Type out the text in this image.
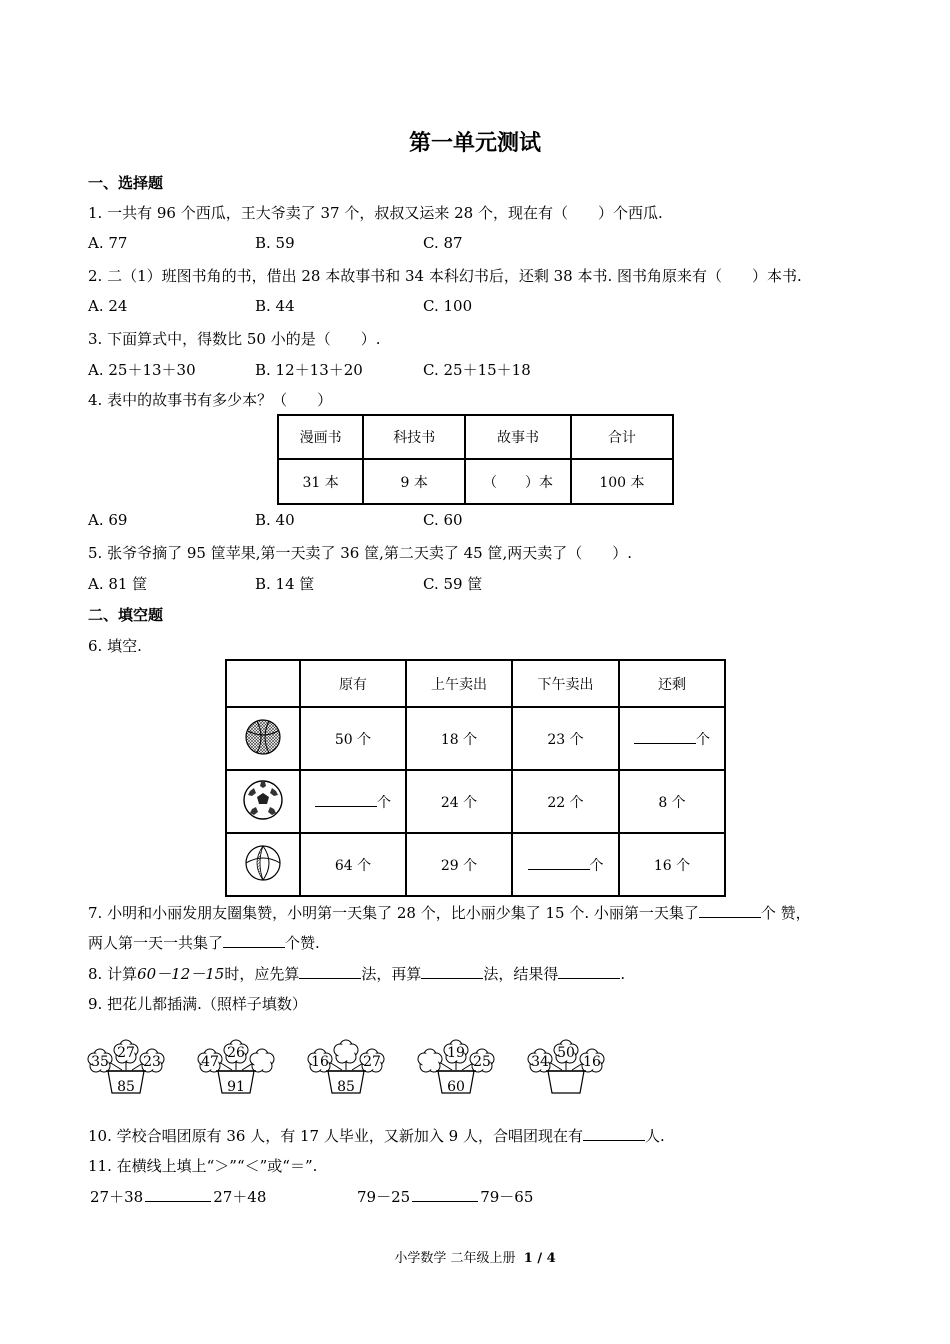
第一单元测试
一、选择题
1. 一共有 96 个西瓜，王大爷卖了 37 个，叔叔又运来 28 个，现在有（　　）个西瓜.
A. 77	B. 59	C. 87
2. 二（1）班图书角的书，借出 28 本故事书和 34 本科幻书后，还剩 38 本书. 图书角原来有（　　）本书.
A. 24	B. 44	C. 100
3. 下面算式中，得数比 50 小的是（　　）.
A. 25＋13＋30	B. 12＋13＋20	C. 25＋15＋18
4. 表中的故事书有多少本？（　　）
漫画书	科技书	故事书	合计
31 本	9 本	（　　）本	100 本
A. 69	B. 40	C. 60
5. 张爷爷摘了 95 筐苹果,第一天卖了 36 筐,第二天卖了 45 筐,两天卖了（　　）.
A. 81 筐	B. 14 筐	C. 59 筐
二、填空题
6. 填空.
	原有	上午卖出	下午卖出	还剩
	50 个	18 个	23 个	个
	个	24 个	22 个	8 个
	64 个	29 个	个	16 个
7. 小明和小丽发朋友圈集赞，小明第一天集了 28 个，比小丽少集了 15 个. 小丽第一天集了	个 赞，
两人第一天一共集了	个赞.
8. 计算60－12－15时，应先算	法，再算	法，结果得	.
9. 把花儿都插满.（照样子填数）
35
27
23
85
47
26
91
16 27
85
19
25
60
34
50
16
10. 学校合唱团原有 36 人，有 17 人毕业，又新加入 9 人，合唱团现在有	人.
11. 在横线上填上“＞”“＜”或“＝”.
27＋38	27＋48	79－25	79－65
小学数学 二年级上册 1 / 4
